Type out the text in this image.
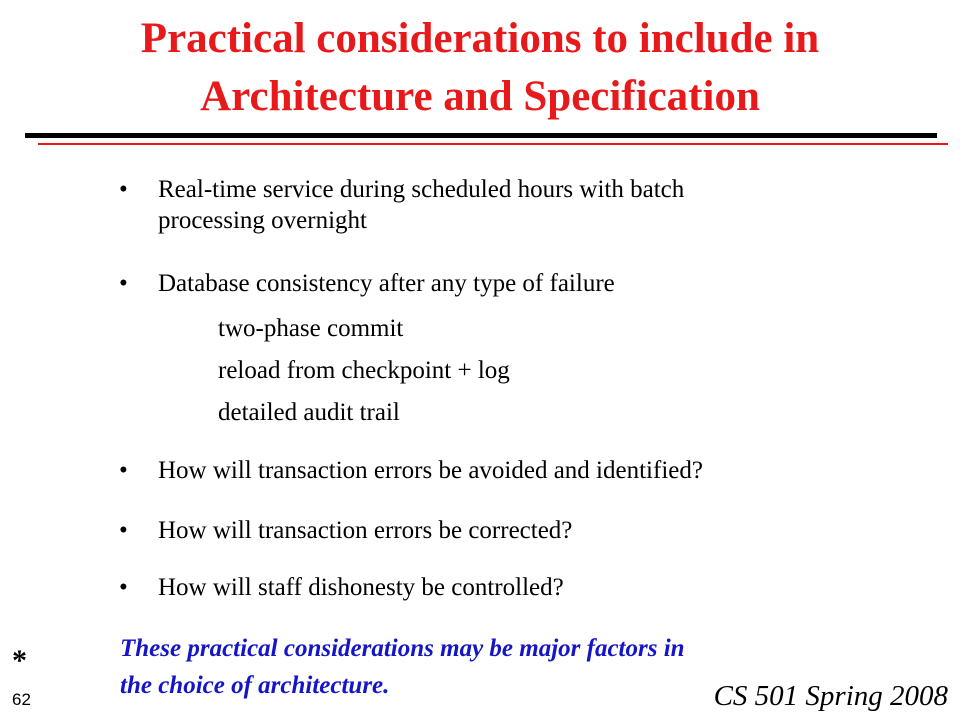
Practical considerations to include in
Architecture and Specification
• Real-time service during scheduled hours with batch
processing overnight
• Database consistency after any type of failure
two-phase commit
reload from checkpoint + log
detailed audit trail
• How will transaction errors be avoided and identified?
• How will transaction errors be corrected?
• How will staff dishonesty be controlled?
These practical considerations may be major factors in
the choice of architecture.
*
62	CS 501 Spring 2008
